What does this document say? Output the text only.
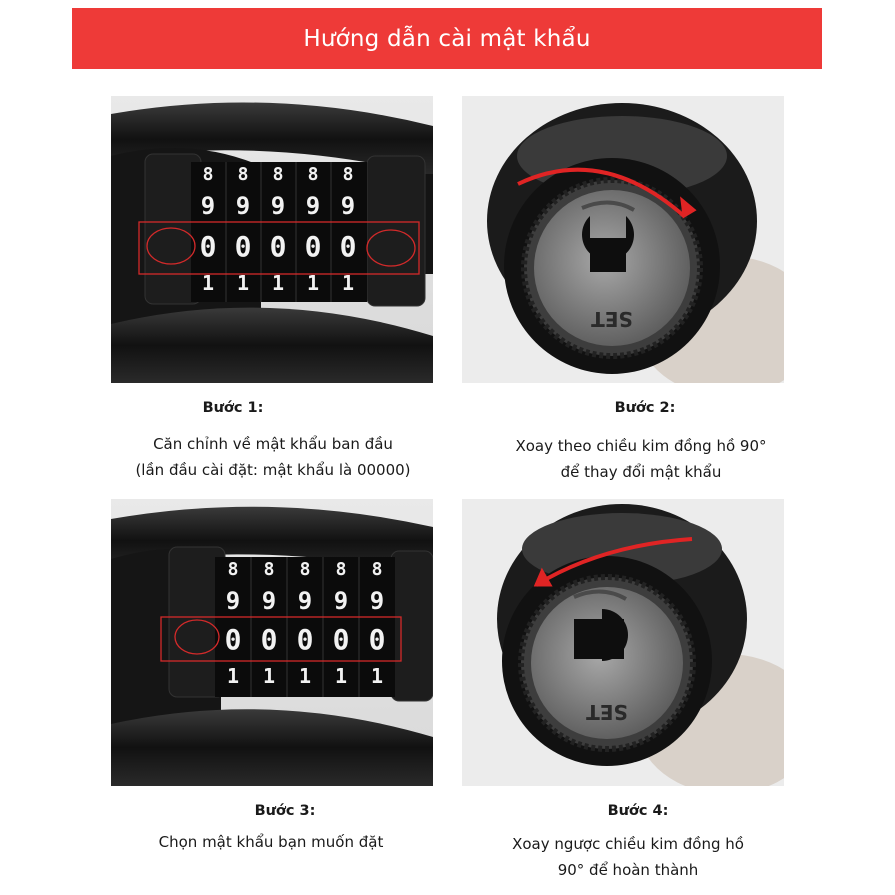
Hướng dẫn cài mật khẩu
8 8 8 8 8
9 9 9 9 9
0 0 0 0 0
1 1 1 1 1
SET
8 8 8 8 8
9 9 9 9 9
0 0 0 0 0
1 1 1 1 1
SET
Bước 1:
Căn chỉnh về mật khẩu ban đầu
(lần đầu cài đặt: mật khẩu là 00000)
Bước 2:
Xoay theo chiều kim đồng hồ 90°
để thay đổi mật khẩu
Bước 3:
Chọn mật khẩu bạn muốn đặt
Bước 4:
Xoay ngược chiều kim đồng hồ
90° để hoàn thành
